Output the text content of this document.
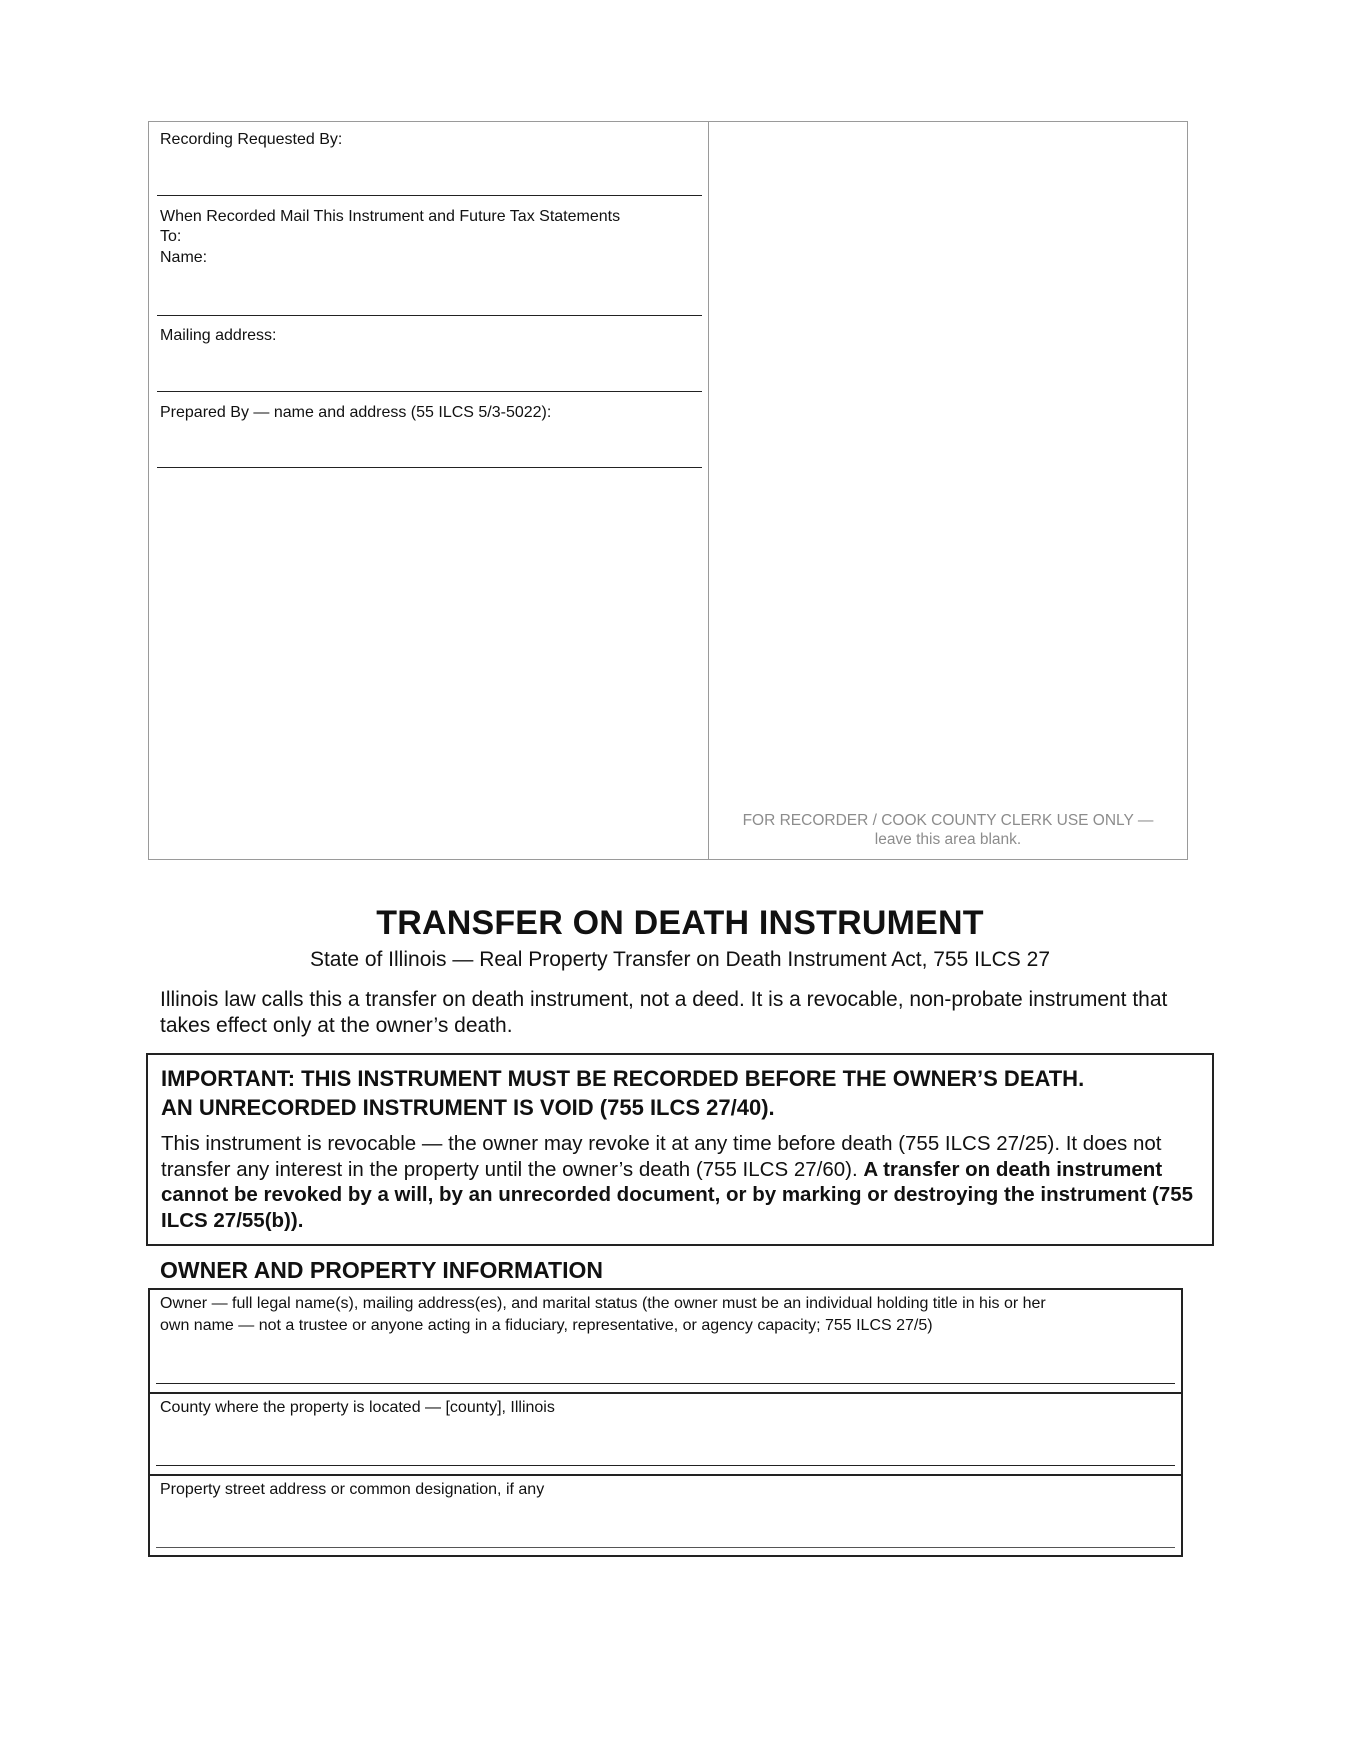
Recording Requested By:
When Recorded Mail This Instrument and Future Tax Statements
To:
Name:
Mailing address:
Prepared By — name and address (55 ILCS 5/3-5022):
FOR RECORDER / COOK COUNTY CLERK USE ONLY —
leave this area blank.
TRANSFER ON DEATH INSTRUMENT
State of Illinois — Real Property Transfer on Death Instrument Act, 755 ILCS 27
Illinois law calls this a transfer on death instrument, not a deed. It is a revocable, non-probate instrument that takes effect only at the owner’s death.
IMPORTANT: THIS INSTRUMENT MUST BE RECORDED BEFORE THE OWNER’S DEATH.
AN UNRECORDED INSTRUMENT IS VOID (755 ILCS 27/40).
This instrument is revocable — the owner may revoke it at any time before death (755 ILCS 27/25). It does not transfer any interest in the property until the owner’s death (755 ILCS 27/60). A transfer on death instrument cannot be revoked by a will, by an unrecorded document, or by marking or destroying the instrument (755 ILCS 27/55(b)).
OWNER AND PROPERTY INFORMATION
Owner — full legal name(s), mailing address(es), and marital status (the owner must be an individual holding title in his or her
own name — not a trustee or anyone acting in a fiduciary, representative, or agency capacity; 755 ILCS 27/5)
County where the property is located — [county], Illinois
Property street address or common designation, if any
